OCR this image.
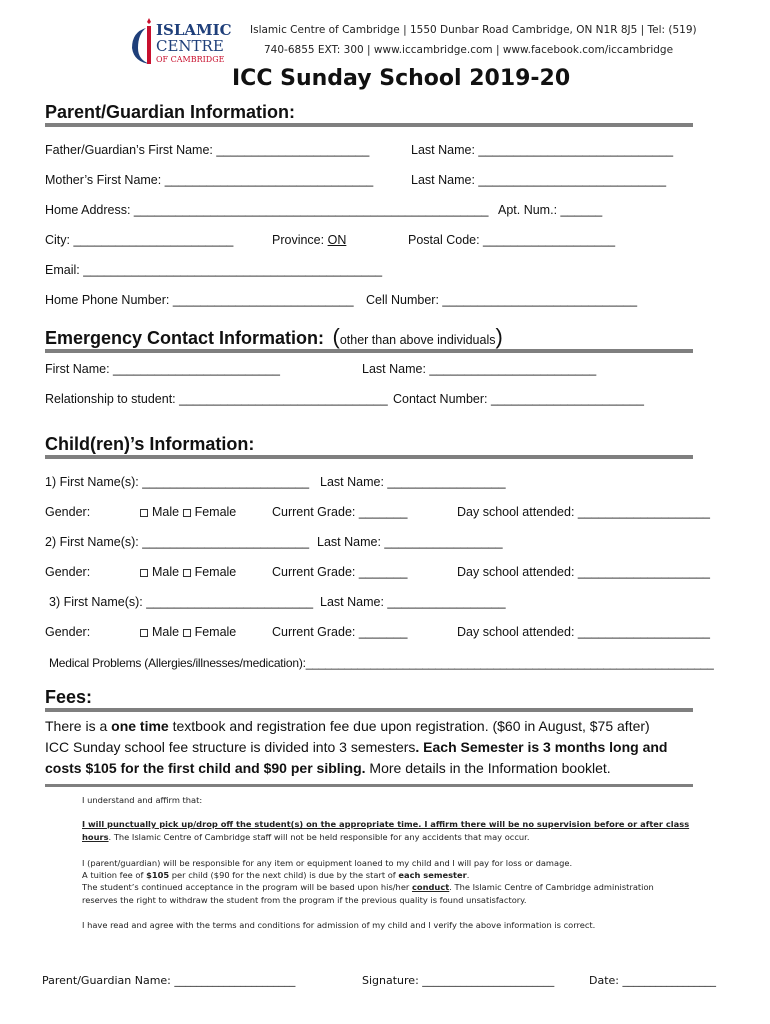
ISLAMIC
CENTRE
OF CAMBRIDGE
Islamic Centre of Cambridge | 1550 Dunbar Road Cambridge, ON N1R 8J5 | Tel: (519)
740-6855 EXT: 300 | www.iccambridge.com | www.facebook.com/iccambridge
ICC Sunday School 2019-20
Parent/Guardian Information:
Father/Guardian’s First Name: ______________________	Last Name: ____________________________
Mother’s First Name: ______________________________	Last Name: ___________________________
Home Address: ___________________________________________________ Apt. Num.: ______
City: _______________________	Province: ON	Postal Code: ___________________
Email: ___________________________________________
Home Phone Number: __________________________ Cell Number: ____________________________
Emergency Contact Information: (other than above individuals)
First Name: ________________________	Last Name: ________________________
Relationship to student: ______________________________ Contact Number: ______________________
Child(ren)’s Information:
1) First Name(s): ________________________ Last Name: _________________
Gender:	Male Female	Current Grade: _______	Day school attended: ___________________
2) First Name(s): ________________________ Last Name: _________________
Gender:	Male Female	Current Grade: _______	Day school attended: ___________________
3) First Name(s): ________________________ Last Name: _________________
Gender:	Male Female	Current Grade: _______	Day school attended: ___________________
Medical Problems (Allergies/illnesses/medication):_______________________________________________________________
Fees:
There is a one time textbook and registration fee due upon registration. ($60 in August, $75 after)
ICC Sunday school fee structure is divided into 3 semesters. Each Semester is 3 months long and
costs $105 for the first child and $90 per sibling. More details in the Information booklet.
I understand and affirm that:
I will punctually pick up/drop off the student(s) on the appropriate time. I affirm there will be no supervision before or after class
hours. The Islamic Centre of Cambridge staff will not be held responsible for any accidents that may occur.
I (parent/guardian) will be responsible for any item or equipment loaned to my child and I will pay for loss or damage.
A tuition fee of $105 per child ($90 for the next child) is due by the start of each semester.
The student’s continued acceptance in the program will be based upon his/her conduct. The Islamic Centre of Cambridge administration
reserves the right to withdraw the student from the program if the previous quality is found unsatisfactory.
I have read and agree with the terms and conditions for admission of my child and I verify the above information is correct.
Parent/Guardian Name: ______________________	Signature: ________________________	Date: _________________
